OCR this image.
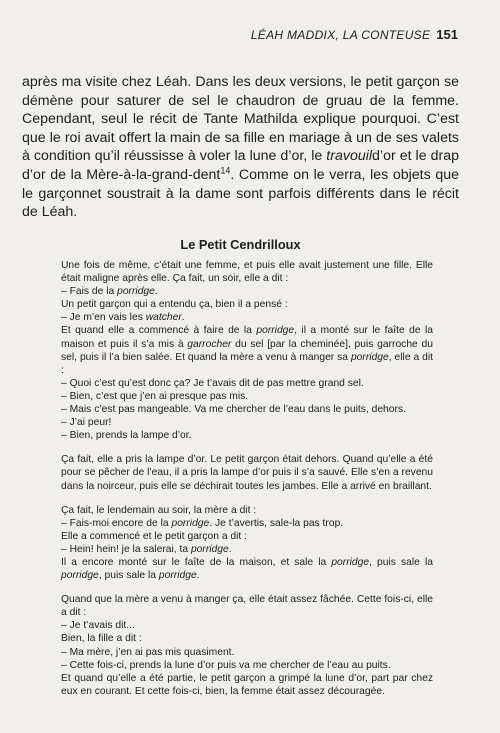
LÉAH MADDIX, LA CONTEUSE 151

après ma visite chez Léah. Dans les deux versions, le petit garçon se démène pour saturer de sel le chaudron de gruau de la femme. Cependant, seul le récit de Tante Mathilda explique pourquoi. C’est que le roi avait offert la main de sa fille en mariage à un de ses valets à condition qu’il réussisse à voler la lune d’or, le travouild’or et le drap d’or de la Mère-à-la-grand-dent$^{14}$. Comme on le verra, les objets que le garçonnet soustrait à la dame sont parfois différents dans le récit de Léah.

Le Petit Cendrilloux

Une fois de même, c’était une femme, et puis elle avait justement une fille. Elle était maligne après elle. Ça fait, un soir, elle a dit :

– Fais de la porridge.

Un petit garçon qui a entendu ça, bien il a pensé :

– Je m’en vais les watcher.

Et quand elle a commencé à faire de la porridge, il a monté sur le faîte de la maison et puis il s’a mis à garrocher du sel [par la cheminée], puis garroche du sel, puis il l’a bien salée. Et quand la mère a venu à manger sa porridge, elle a dit :

– Quoi c’est qu’est donc ça? Je t’avais dit de pas mettre grand sel.

– Bien, c’est que j’en ai presque pas mis.

– Mais c’est pas mangeable. Va me chercher de l’eau dans le puits, dehors.

– J’ai peur!

– Bien, prends la lampe d’or.

Ça fait, elle a pris la lampe d’or. Le petit garçon était dehors. Quand qu’elle a été pour se pêcher de l’eau, il a pris la lampe d’or puis il s’a sauvé. Elle s’en a revenu dans la noirceur, puis elle se déchirait toutes les jambes. Elle a arrivé en braillant.

Ça fait, le lendemain au soir, la mère a dit :

– Fais-moi encore de la porridge. Je t’avertis, sale-la pas trop.

Elle a commencé et le petit garçon a dit :

– Hein! hein! je la salerai, ta porridge.

Il a encore monté sur le faîte de la maison, et sale la porridge, puis sale la porridge, puis sale la porridge.

Quand que la mère a venu à manger ça, elle était assez fâchée. Cette fois-ci, elle a dit :

– Je t’avais dit...

Bien, la fille a dit :

– Ma mère, j’en ai pas mis quasiment.

– Cette fois-ci, prends la lune d’or puis va me chercher de l’eau au puits.

Et quand qu’elle a été partie, le petit garçon a grimpé la lune d’or, part par chez eux en courant. Et cette fois-ci, bien, la femme était assez découragée.
